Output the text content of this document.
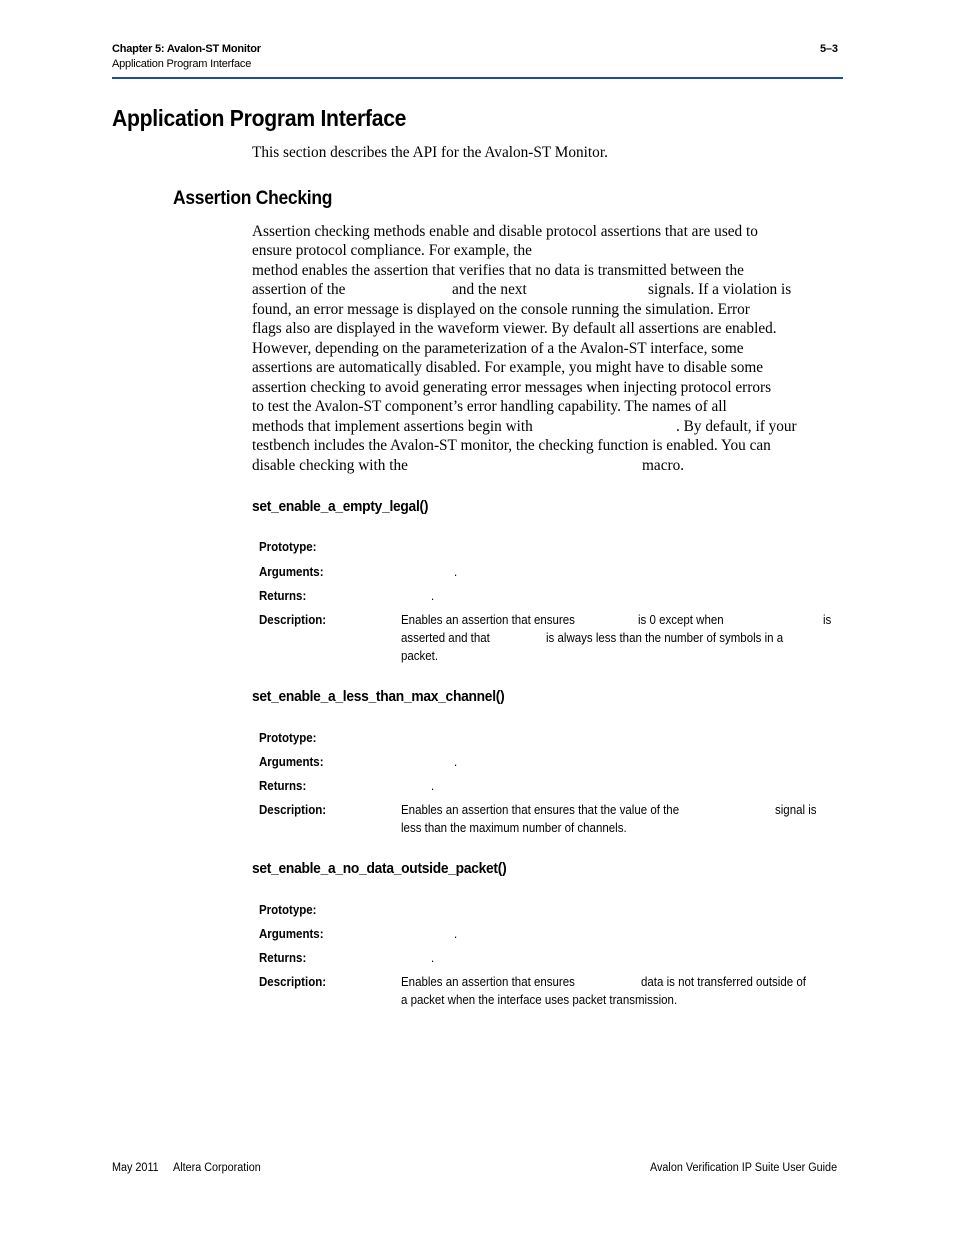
Chapter 5: Avalon-ST Monitor	5–3
Application Program Interface
Application Program Interface
This section describes the API for the Avalon-ST Monitor.
Assertion Checking
Assertion checking methods enable and disable protocol assertions that are used to
ensure protocol compliance. For example, the
method enables the assertion that verifies that no data is transmitted between the
assertion of the	and the next	signals. If a violation is
found, an error message is displayed on the console running the simulation. Error
flags also are displayed in the waveform viewer. By default all assertions are enabled.
However, depending on the parameterization of a the Avalon-ST interface, some
assertions are automatically disabled. For example, you might have to disable some
assertion checking to avoid generating error messages when injecting protocol errors
to test the Avalon-ST component’s error handling capability. The names of all
methods that implement assertions begin with	. By default, if your
testbench includes the Avalon-ST monitor, the checking function is enabled. You can
disable checking with the	macro.
set_enable_a_empty_legal()
Prototype:
Arguments:	.
Returns:	.
Description:	Enables an assertion that ensures	is 0 except when	is
asserted and that	is always less than the number of symbols in a
packet.
set_enable_a_less_than_max_channel()
Prototype:
Arguments:	.
Returns:	.
Description:	Enables an assertion that ensures that the value of the	signal is
less than the maximum number of channels.
set_enable_a_no_data_outside_packet()
Prototype:
Arguments:	.
Returns:	.
Description:	Enables an assertion that ensures	data is not transferred outside of
a packet when the interface uses packet transmission.
May 2011 Altera Corporation	Avalon Verification IP Suite User Guide
